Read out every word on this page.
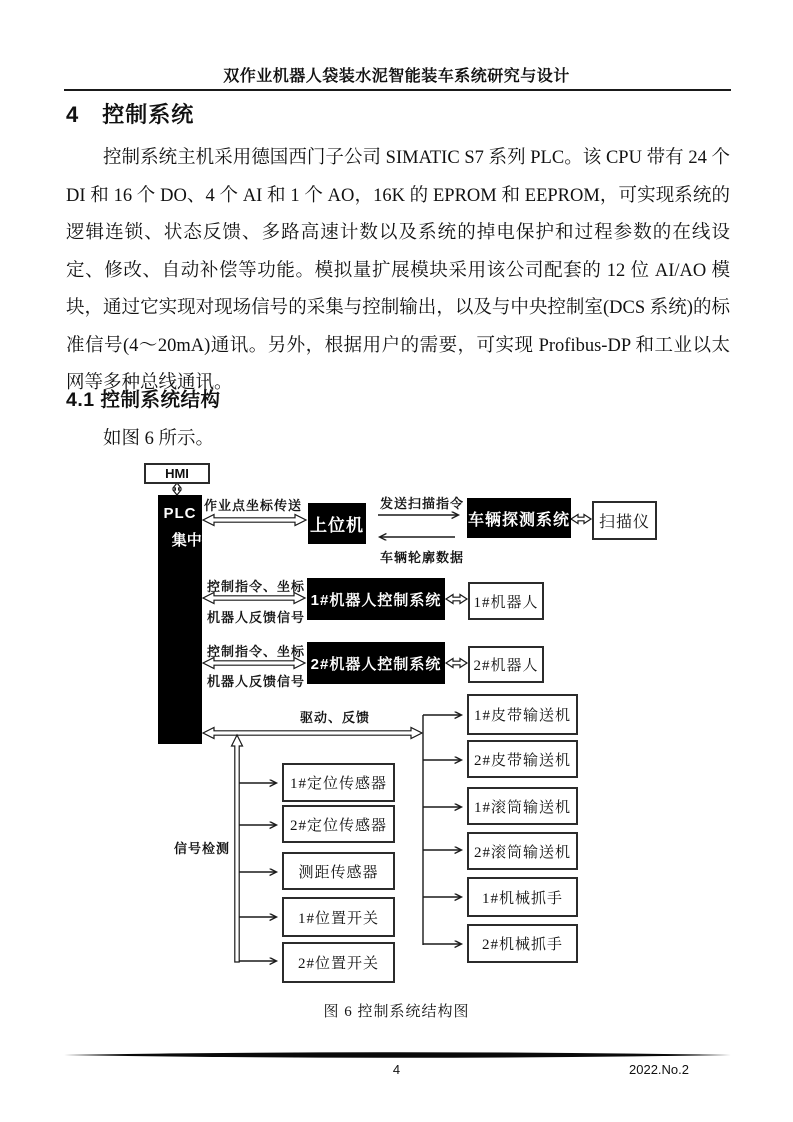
双作业机器人袋装水泥智能装车系统研究与设计
4　控制系统

控制系统主机采用德国西门子公司 SIMATIC S7 系列 PLC。该 CPU 带有 24 个 DI 和 16 个 DO、4 个 AI 和 1 个 AO，16K 的 EPROM 和 EEPROM，可实现系统的逻辑连锁、状态反馈、多路高速计数以及系统的掉电保护和过程参数的在线设定、修改、自动补偿等功能。模拟量扩展模块采用该公司配套的 12 位 AI/AO 模块，通过它实现对现场信号的采集与控制输出，以及与中央控制室(DCS 系统)的标准信号(4～20mA)通讯。另外，根据用户的需要，可实现 Profibus-DP 和工业以太网等多种总线通讯。

4.1 控制系统结构

如图 6 所示。

HMI
PLC
集中控制系统
上位机	车辆探测系统 扫描仪
1#机器人控制系统 1#机器人
2#机器人控制系统 2#机器人
1#皮带输送机
2#皮带输送机
1#滚筒输送机
2#滚筒输送机
1#机械抓手
2#机械抓手
1#定位传感器
2#定位传感器
测距传感器
1#位置开关
2#位置开关
作业点坐标传送	发送扫描指令
车辆轮廓数据
控制指令、坐标
机器人反馈信号
控制指令、坐标
机器人反馈信号
驱动、反馈
信号检测
图 6 控制系统结构图
4	2022.No.2
